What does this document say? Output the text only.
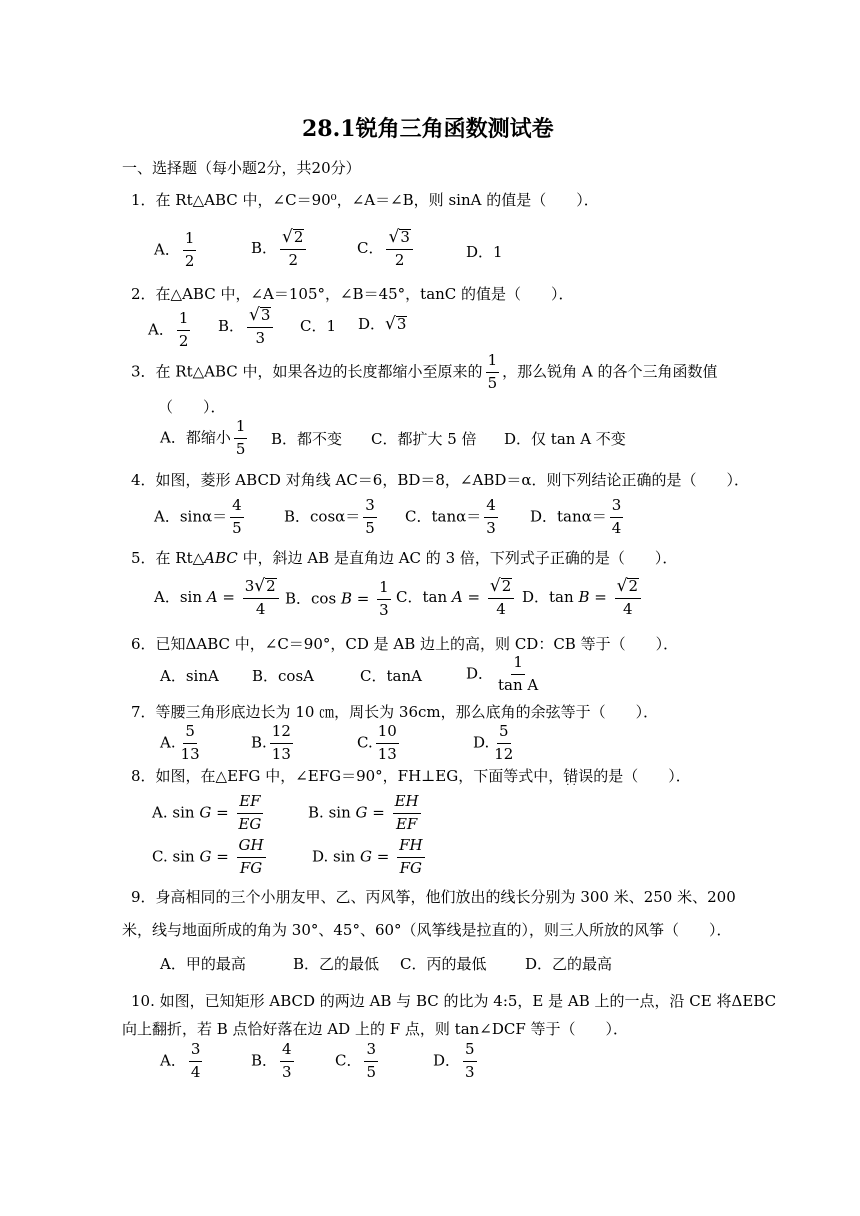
28.1锐角三角函数测试卷
一、选择题（每小题2分，共20分）
1．在 Rt△ABC 中，∠C＝90⁰，∠A＝∠B，则 sinA 的值是（　　）．
A． $\frac{1}{2}$	B． $\frac{√ 2}{2}$	C． $\frac{√ 3}{2}$	D．1
2．在△ABC 中，∠A＝105°，∠B＝45°，tanC 的值是（　　）．
A． $\frac{1}{2}$ B． $\frac{√ 3}{3}$ C．1 D． √ 3
3．在 Rt△ABC 中，如果各边的长度都缩小至原来的 $\frac{1}{5}$ ，那么锐角 A 的各个三角函数值
（　　）．
A．都缩小 $\frac{1}{5}$ B．都不变 C．都扩大 5 倍 D．仅 tan A 不变
4．如图，菱形 ABCD 对角线 AC＝6，BD＝8，∠ABD＝α．则下列结论正确的是（　　）．
A．$\sin\alpha= \frac{4}{5}$	B．$\cos\alpha= \frac{3}{5}$ C．$\tan\alpha= \frac{4}{3}$ D．$\tan\alpha= \frac{3}{4}$
5．在 Rt△ABC 中，斜边 AB 是直角边 AC 的 3 倍，下列式子正确的是（　　）．
A．$\sin A = \frac{3 √ 2}{4}$ B．$\cos B = \frac{1}{3}$ C．$\tan A = \frac{√ 2}{4}$ D．$\tan B = \frac{√ 2}{4}$
6．已知ΔABC 中，∠C＝90°，CD 是 AB 边上的高，则 CD：CB 等于（　　）．
A．sinA B．cosA	C．tanA	D． $\frac{1}{\text{tan A}}$
7．等腰三角形底边长为 10 ㎝，周长为 36cm，那么底角的余弦等于（　　）．
A. $\frac{5}{13}$	B. $\frac{12}{13}$	C. $\frac{10}{13}$	D. $\frac{5}{12}$
8．如图，在△EFG 中，∠EFG＝90°，FH⊥EG，下面等式中，错误 · ·的是（　　）．
A. $\sin G = \frac{EF}{EG}$	B. $\sin G = \frac{EH}{EF}$
C. $\sin G = \frac{GH}{FG}$	D. $\sin G = \frac{FH}{FG}$
9．身高相同的三个小朋友甲、乙、丙风筝，他们放出的线长分别为 300 米、250 米、200
米，线与地面所成的角为 30°、45°、60°（风筝线是拉直的），则三人所放的风筝（　　）．
A．甲的最高	B．乙的最低 C．丙的最低	D．乙的最高
10. 如图，已知矩形 ABCD 的两边 AB 与 BC 的比为 4:5，E 是 AB 上的一点，沿 CE 将ΔEBC
向上翻折，若 B 点恰好落在边 AD 上的 F 点，则 tan∠DCF 等于（　　）．
A． $\frac{3}{4}$	B． $\frac{4}{3}$	C． $\frac{3}{5}$	D． $\frac{5}{3}$
